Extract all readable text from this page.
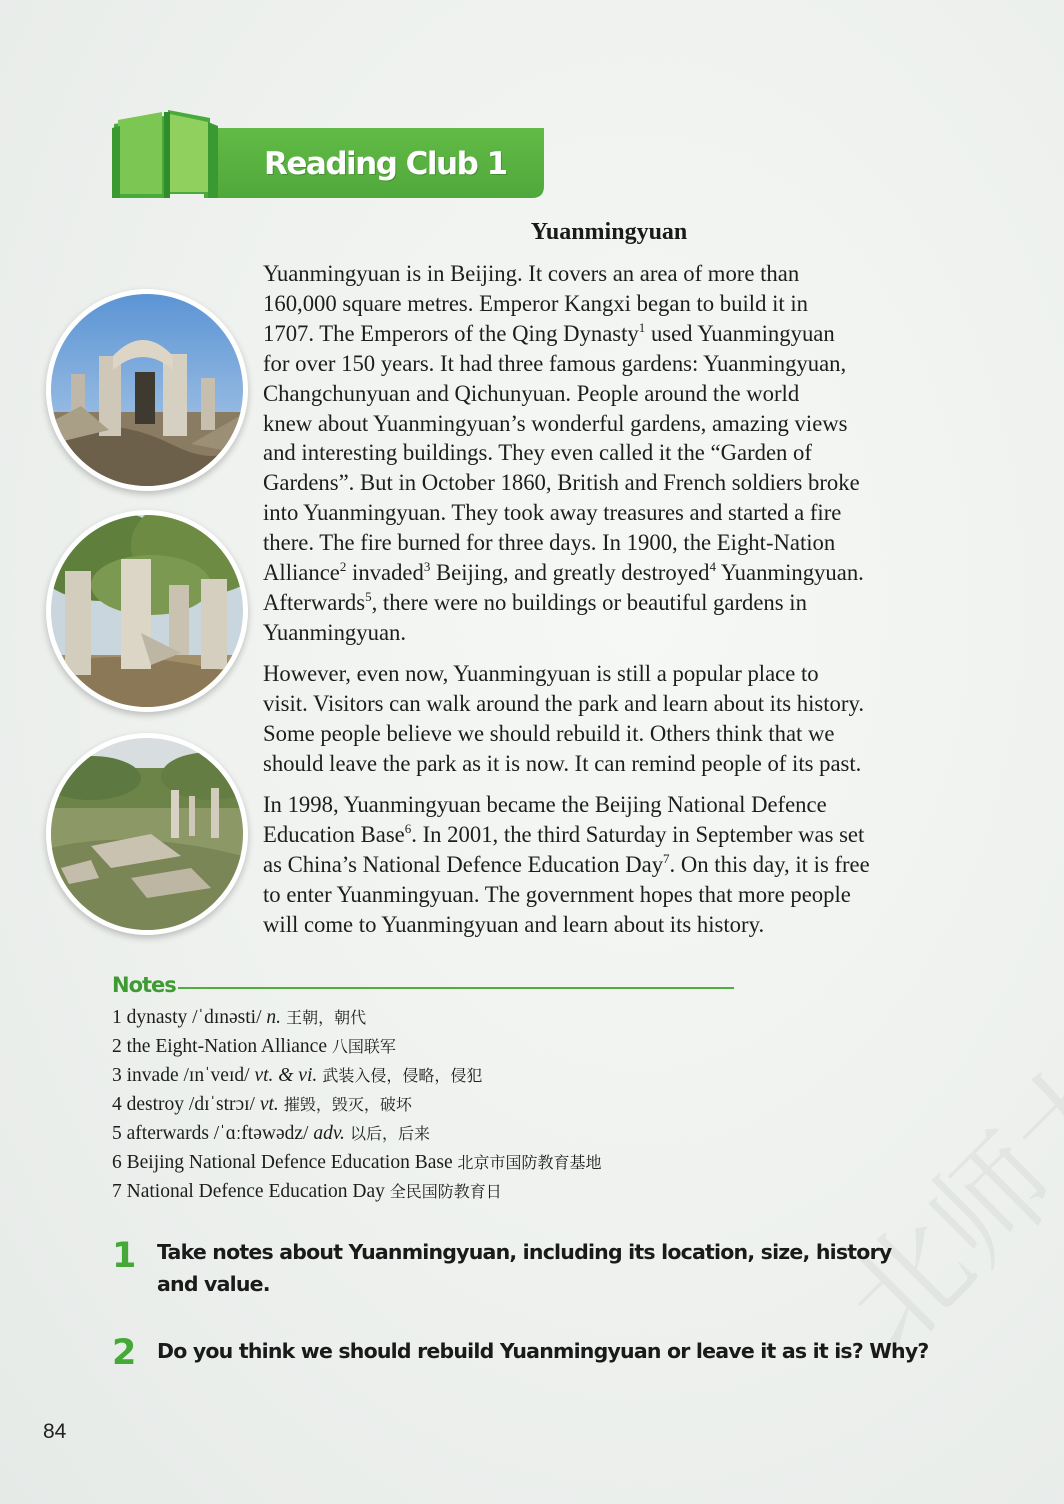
Reading Club 1
Yuanmingyuan

Yuanmingyuan is in Beijing. It covers an area of more than
160,000 square metres. Emperor Kangxi began to build it in
1707. The Emperors of the Qing Dynasty$^1$ used Yuanmingyuan
for over 150 years. It had three famous gardens: Yuanmingyuan,
Changchunyuan and Qichunyuan. People around the world
knew about Yuanmingyuan’s wonderful gardens, amazing views
and interesting buildings. They even called it the “Garden of
Gardens”. But in October 1860, British and French soldiers broke
into Yuanmingyuan. They took away treasures and started a fire
there. The fire burned for three days. In 1900, the Eight-Nation
Alliance$^2$ invaded$^3$ Beijing, and greatly destroyed$^4$ Yuanmingyuan.
Afterwards$^5$, there were no buildings or beautiful gardens in
Yuanmingyuan.

However, even now, Yuanmingyuan is still a popular place to
visit. Visitors can walk around the park and learn about its history.
Some people believe we should rebuild it. Others think that we
should leave the park as it is now. It can remind people of its past.

In 1998, Yuanmingyuan became the Beijing National Defence
Education Base$^6$. In 2001, the third Saturday in September was set
as China’s National Defence Education Day$^7$. On this day, it is free
to enter Yuanmingyuan. The government hopes that more people
will come to Yuanmingyuan and learn about its history.

Notes
1 dynasty /ˈdɪnəsti/ n. 王朝，朝代
2 the Eight-Nation Alliance 八国联军
3 invade /ɪnˈveɪd/ vt. & vi. 武装入侵，侵略，侵犯
4 destroy /dɪˈstrɔɪ/ vt. 摧毁，毁灭，破坏
5 afterwards /ˈɑːftəwədz/ adv. 以后，后来
6 Beijing National Defence Education Base 北京市国防教育基地
7 National Defence Education Day 全民国防教育日
1 Take notes about Yuanmingyuan, including its location, size, history
and value.

2 Do you think we should rebuild Yuanmingyuan or leave it as it is? Why?

84
